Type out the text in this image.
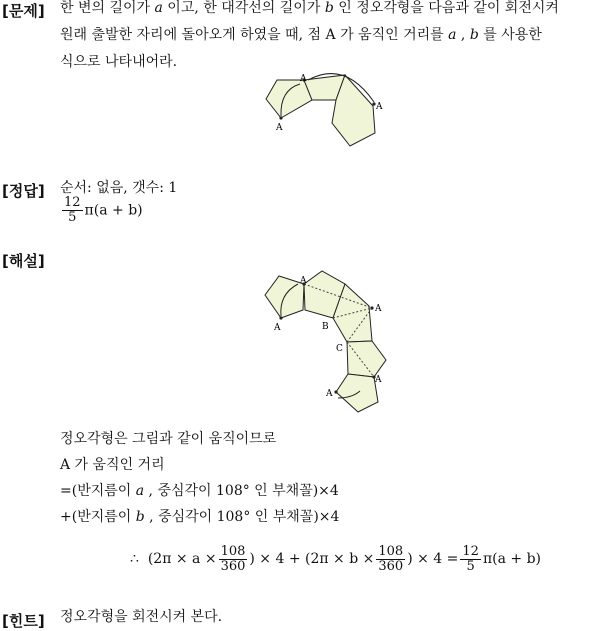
[문제] 한 변의 길이가 a 이고, 한 대각선의 길이가 b 인 정오각형을 다음과 같이 회전시켜
원래 출발한 자리에 돌아오게 하였을 때, 점 A 가 움직인 거리를 a , b 를 사용한
식으로 나타내어라.
A
A
A
[정답] 순서: 없음, 갯수: 1
$\frac{12}{5} \pi(a + b)$
[해설]
A
A
A
A
A
B
C
정오각형은 그림과 같이 움직이므로
A 가 움직인 거리
=(반지름이 a , 중심각이 108° 인 부채꼴)×4
+(반지름이 b , 중심각이 108° 인 부채꼴)×4
∴ ($2\pi \times a \times \frac{108}{360}$ ) × $4 + (2\pi \times b \times \frac{108}{360}$ ) × $4 = \frac{12}{5} \pi(a + b)$
[힌트] 정오각형을 회전시켜 본다.
